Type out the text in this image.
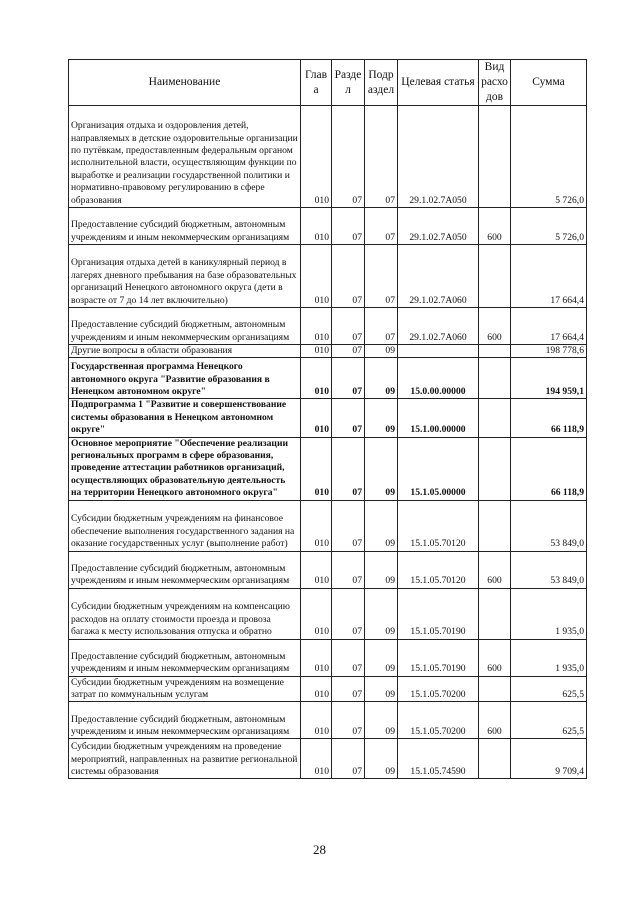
Наименование	Глав а	Разде л	Подр аздел	Целевая статья	Вид расхо дов	Сумма
Организация отдыха и оздоровления детей, направляемых в детские оздоровительные организации по путёвкам, предоставленным федеральным органом исполнительной власти, осуществляющим функции по выработке и реализации государственной политики и нормативно-правовому регулированию в сфере образования	010	07	07	29.1.02.7А050		5 726,0
Предоставление субсидий бюджетным, автономным учреждениям и иным некоммерческим организациям	010	07	07	29.1.02.7А050	600	5 726,0
Организация отдыха детей в каникулярный период в лагерях дневного пребывания на базе образовательных организаций Ненецкого автономного округа (дети в возрасте от 7 до 14 лет включительно)	010	07	07	29.1.02.7А060		17 664,4
Предоставление субсидий бюджетным, автономным учреждениям и иным некоммерческим организациям	010	07	07	29.1.02.7А060	600	17 664,4
Другие вопросы в области образования	010	07	09			198 778,6
Государственная программа Ненецкого автономного округа "Развитие образования в Ненецком автономном округе"	010	07	09	15.0.00.00000		194 959,1
Подпрограмма 1 "Развитие и совершенствование системы образования в Ненецком автономном округе"	010	07	09	15.1.00.00000		66 118,9
Основное мероприятие "Обеспечение реализации региональных программ в сфере образования, проведение аттестации работников организаций, осуществляющих образовательную деятельность на территории Ненецкого автономного округа"	010	07	09	15.1.05.00000		66 118,9
Субсидии бюджетным учреждениям на финансовое обеспечение выполнения государственного задания на оказание государственных услуг (выполнение работ)	010	07	09	15.1.05.70120		53 849,0
Предоставление субсидий бюджетным, автономным учреждениям и иным некоммерческим организациям	010	07	09	15.1.05.70120	600	53 849,0
Субсидии бюджетным учреждениям на компенсацию расходов на оплату стоимости проезда и провоза багажа к месту использования отпуска и обратно	010	07	09	15.1.05.70190		1 935,0
Предоставление субсидий бюджетным, автономным учреждениям и иным некоммерческим организациям	010	07	09	15.1.05.70190	600	1 935,0
Субсидии бюджетным учреждениям на возмещение затрат по коммунальным услугам	010	07	09	15.1.05.70200		625,5
Предоставление субсидий бюджетным, автономным учреждениям и иным некоммерческим организациям	010	07	09	15.1.05.70200	600	625,5
Субсидии бюджетным учреждениям на проведение мероприятий, направленных на развитие региональной системы образования	010	07	09	15.1.05.74590		9 709,4
28
